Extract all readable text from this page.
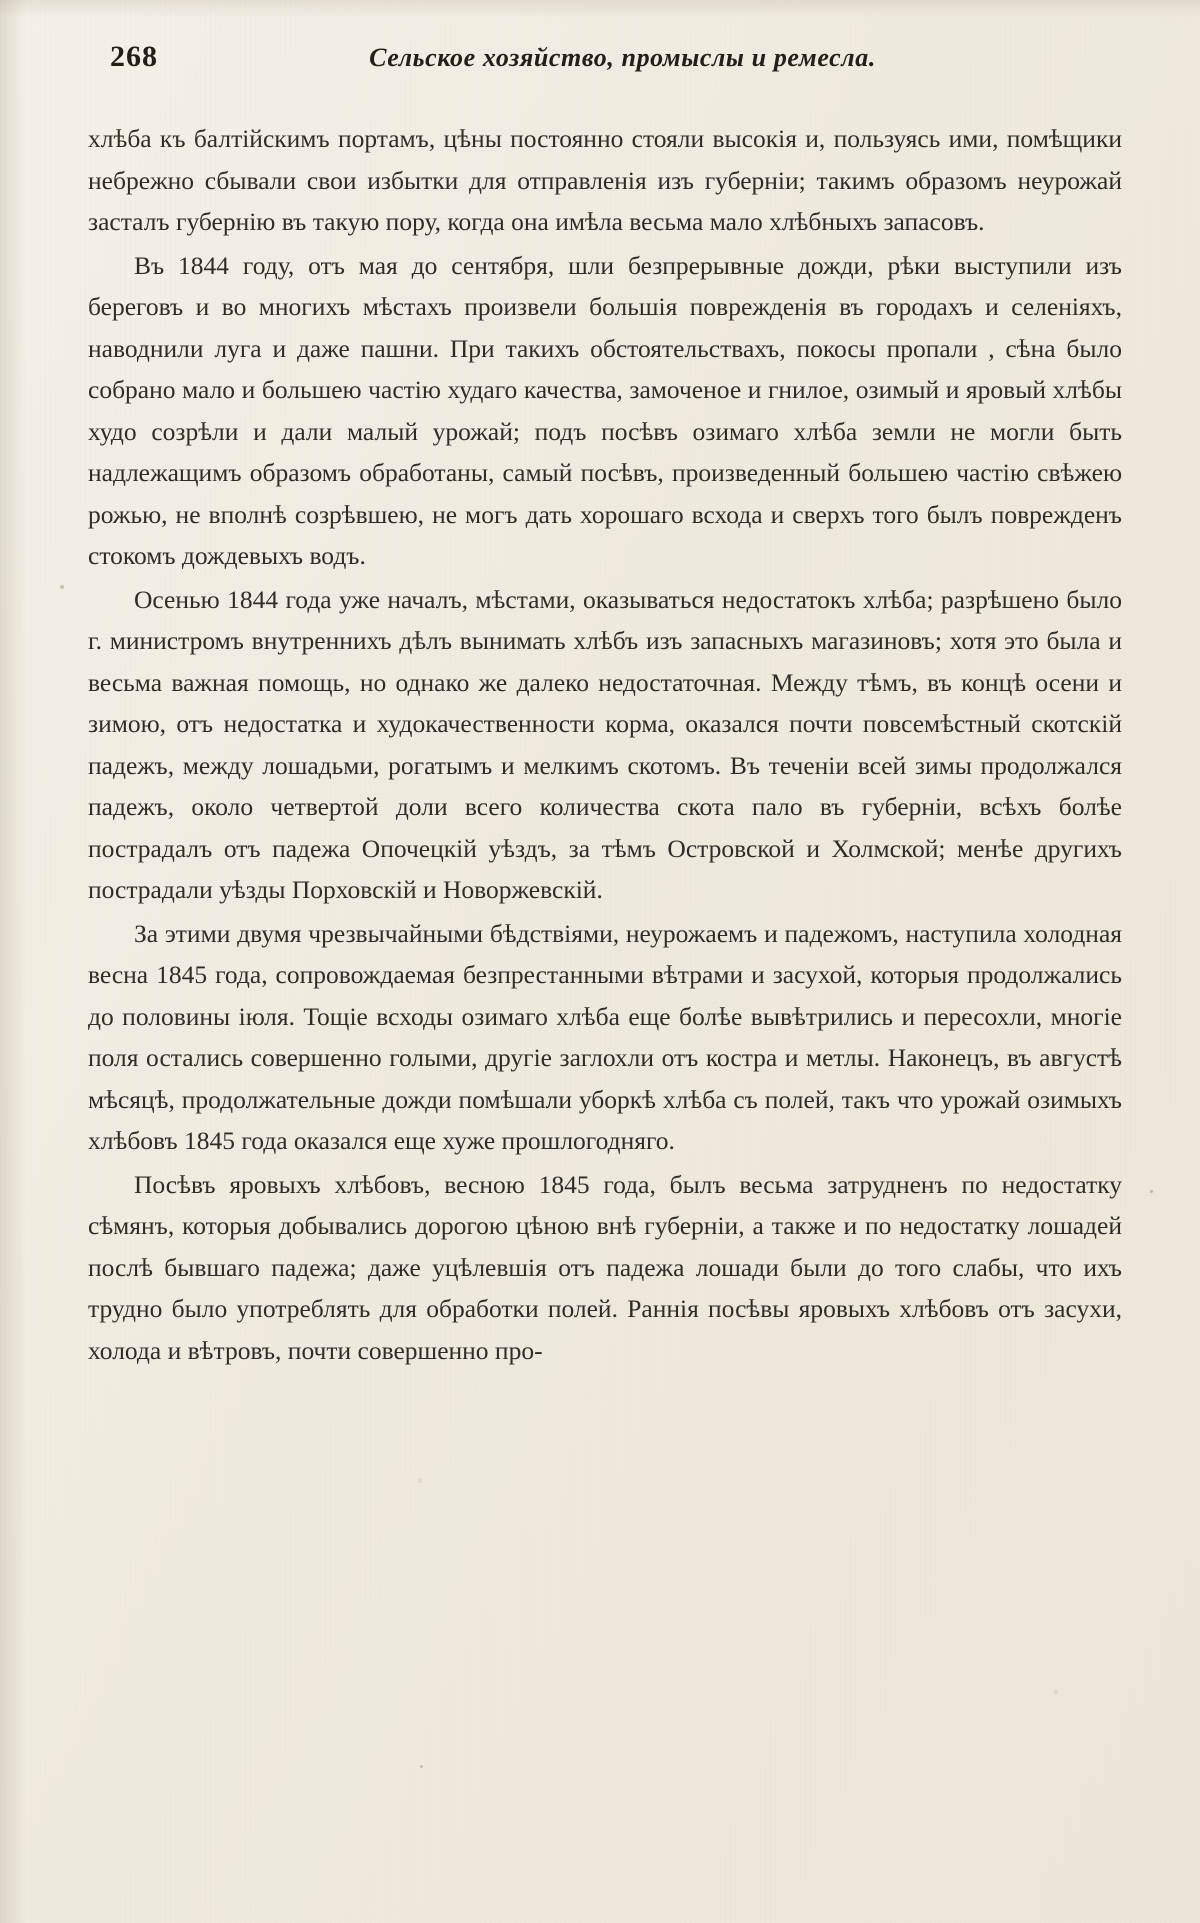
268	Сельское хозяйство, промыслы и ремесла.

хлѣба къ балтійскимъ портамъ, цѣны постоянно стояли высокія и, пользуясь ими, помѣщики небрежно сбывали свои избытки для отправленія изъ губерніи; такимъ образомъ неурожай засталъ губернію въ такую пору, когда она имѣла весьма мало хлѣбныхъ запасовъ.

Въ 1844 году, отъ мая до сентября, шли безпрерывные дожди, рѣки выступили изъ береговъ и во многихъ мѣстахъ произвели большія поврежденія въ городахъ и селеніяхъ, наводнили луга и даже пашни. При такихъ обстоятельствахъ, покосы пропали , сѣна было собрано мало и большею частію худаго качества, замоченое и гнилое, озимый и яровый хлѣбы худо созрѣли и дали малый урожай; подъ посѣвъ озимаго хлѣба земли не могли быть надлежащимъ образомъ обработаны, самый посѣвъ, произведенный большею частію свѣжею рожью, не вполнѣ созрѣвшею, не могъ дать хорошаго всхода и сверхъ того былъ поврежденъ стокомъ дождевыхъ водъ.

Осенью 1844 года уже началъ, мѣстами, оказываться недостатокъ хлѣба; разрѣшено было г. министромъ внутреннихъ дѣлъ вынимать хлѣбъ изъ запасныхъ магазиновъ; хотя это была и весьма важная помощь, но однако же далеко недостаточная. Между тѣмъ, въ концѣ осени и зимою, отъ недостатка и худокачественности корма, оказался почти повсемѣстный скотскій падежъ, между лошадьми, рогатымъ и мелкимъ скотомъ. Въ теченіи всей зимы продолжался падежъ, около четвертой доли всего количества скота пало въ губерніи, всѣхъ болѣе пострадалъ отъ падежа Опочецкій уѣздъ, за тѣмъ Островской и Холмской; менѣе другихъ пострадали уѣзды Порховскій и Новоржевскій.

За этими двумя чрезвычайными бѣдствіями, неурожаемъ и падежомъ, наступила холодная весна 1845 года, сопровождаемая безпрестанными вѣтрами и засухой, которыя продолжались до половины іюля. Тощіе всходы озимаго хлѣба еще болѣе вывѣтрились и пересохли, многіе поля остались совершенно голыми, другіе заглохли отъ костра и метлы. Наконецъ, въ августѣ мѣсяцѣ, продолжательные дожди помѣшали уборкѣ хлѣба съ полей, такъ что урожай озимыхъ хлѣбовъ 1845 года оказался еще хуже прошлогодняго.

Посѣвъ яровыхъ хлѣбовъ, весною 1845 года, былъ весьма затрудненъ по недостатку сѣмянъ, которыя добывались дорогою цѣною внѣ губерніи, а также и по недостатку лошадей послѣ бывшаго падежа; даже уцѣлевшія отъ падежа лошади были до того слабы, что ихъ трудно было употреблять для обработки полей. Раннія посѣвы яровыхъ хлѣбовъ отъ засухи, холода и вѣтровъ, почти совершенно про-
